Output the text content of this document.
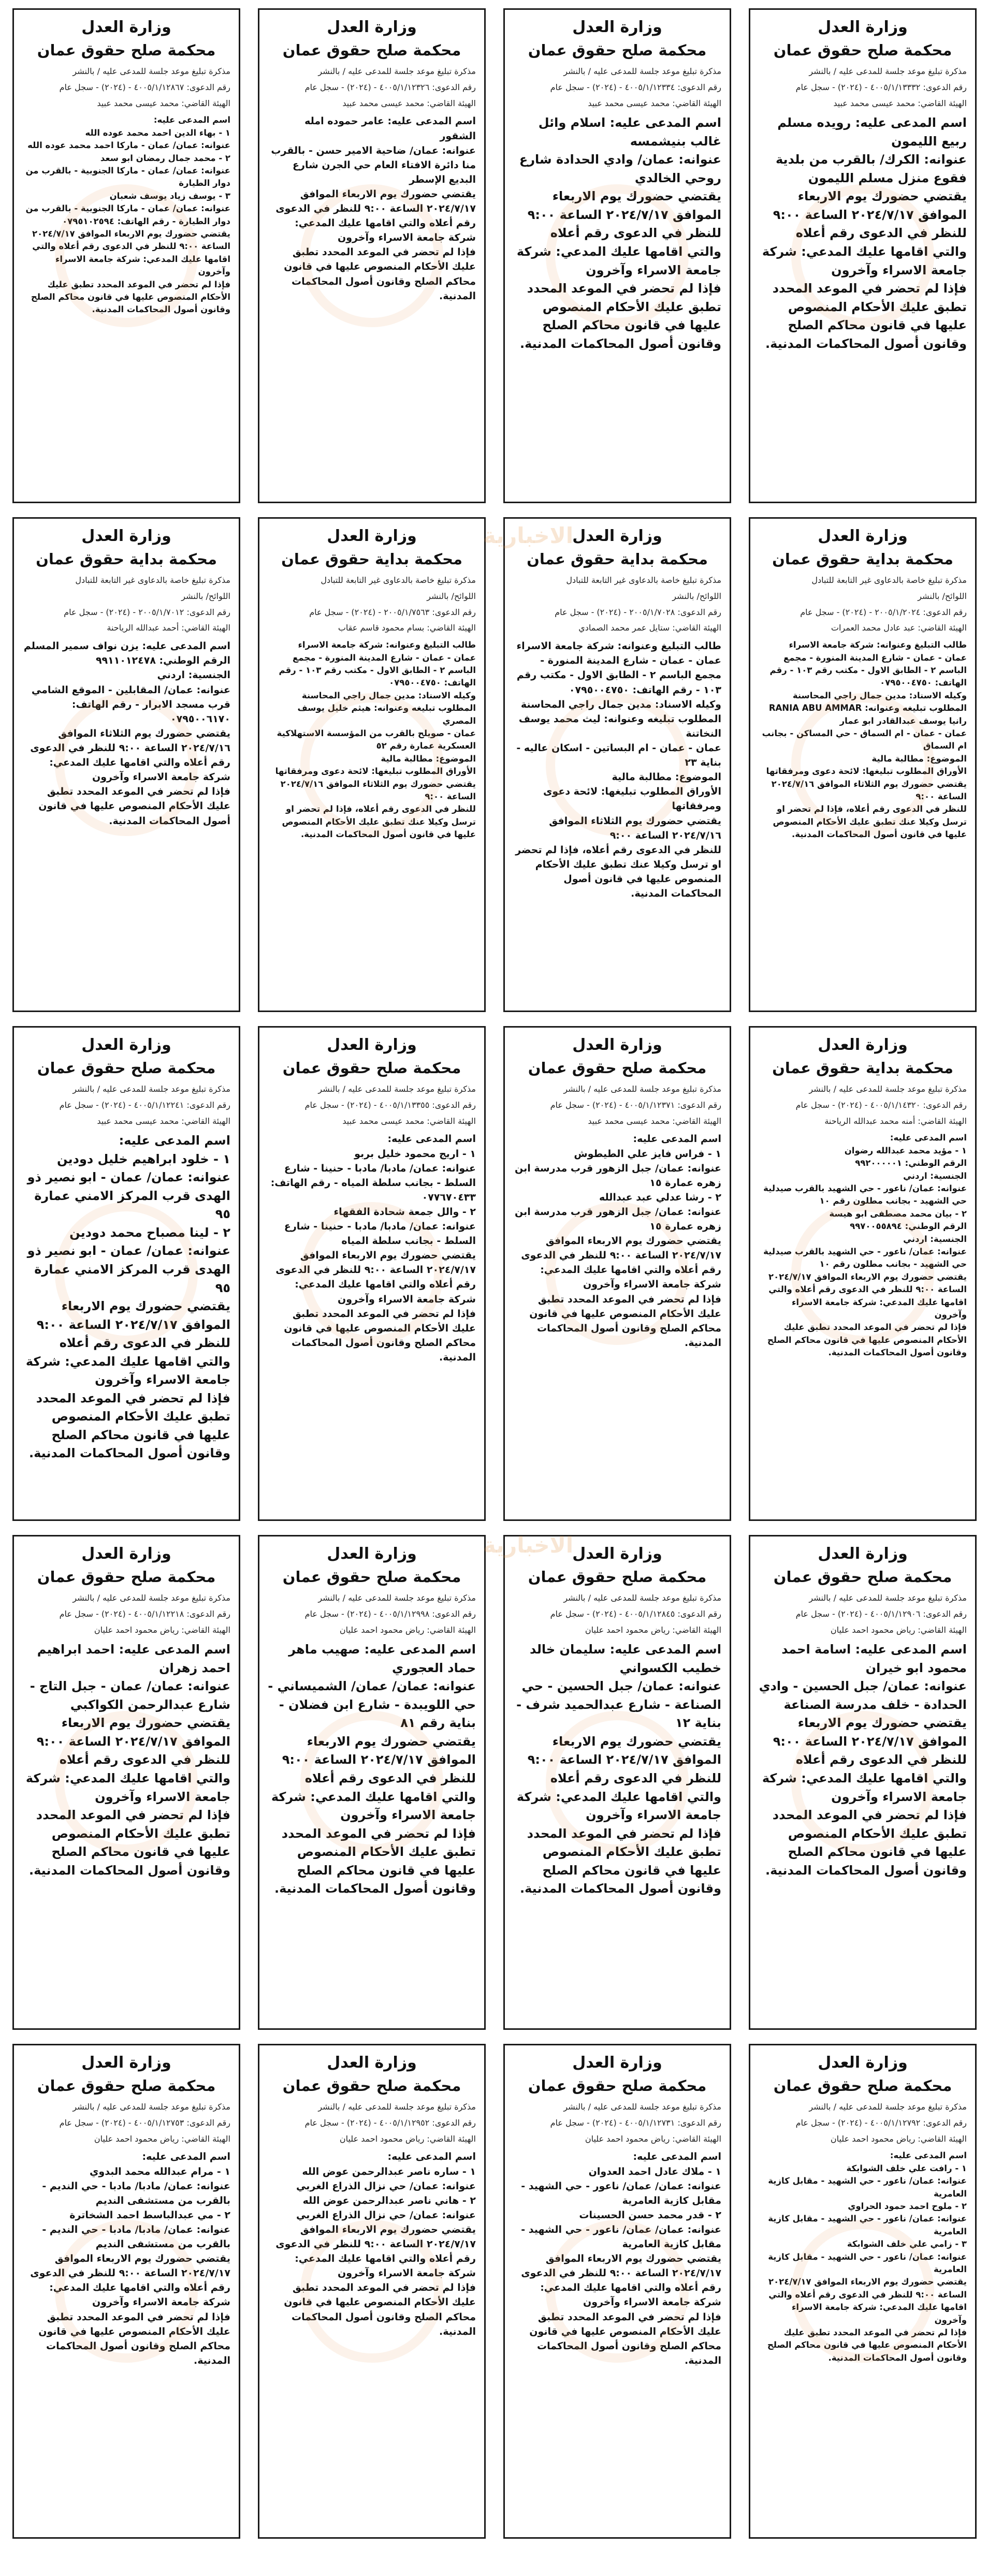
وزارة العدل
محكمة صلح حقوق عمان
مذكرة تبليغ موعد جلسة للمدعى عليه / بالنشر
رقم الدعوى: ٤٠٠٥/١/١٣٣٣٢ - (٢٠٢٤) - سجل عام
الهيئة القاضي: محمد عيسى محمد عبيد
اسم المدعى عليه: رويده مسلم ربيع الليمون
عنوانه: الكرك/ بالقرب من بلدية فقوع منزل مسلم الليمون
يقتضي حضورك يوم الاربعاء الموافق ٢٠٢٤/٧/١٧ الساعة ٩:٠٠ للنظر في الدعوى رقم أعلاه والتي اقامها عليك المدعي: شركة جامعة الاسراء وآخرون
فإذا لم تحضر في الموعد المحدد تطبق عليك الأحكام المنصوص عليها في قانون محاكم الصلح وقانون أصول المحاكمات المدنية.
وزارة العدل
محكمة صلح حقوق عمان
مذكرة تبليغ موعد جلسة للمدعى عليه / بالنشر
رقم الدعوى: ٤٠٠٥/١/١٢٣٣٤ - (٢٠٢٤) - سجل عام
الهيئة القاضي: محمد عيسى محمد عبيد
اسم المدعى عليه: اسلام وائل غالب بنيشمسه
عنوانه: عمان/ وادي الحدادة شارع روحي الخالدي
يقتضي حضورك يوم الاربعاء الموافق ٢٠٢٤/٧/١٧ الساعة ٩:٠٠ للنظر في الدعوى رقم أعلاه والتي اقامها عليك المدعي: شركة جامعة الاسراء وآخرون
فإذا لم تحضر في الموعد المحدد تطبق عليك الأحكام المنصوص عليها في قانون محاكم الصلح وقانون أصول المحاكمات المدنية.
وزارة العدل
محكمة صلح حقوق عمان
مذكرة تبليغ موعد جلسة للمدعى عليه / بالنشر
رقم الدعوى: ٤٠٠٥/١/١٢٣٢٦ - (٢٠٢٤) - سجل عام
الهيئة القاضي: محمد عيسى محمد عبيد
اسم المدعى عليه: عامر حموده امله الشقور
عنوانه: عمان/ ضاحية الامير حسن - بالقرب منا دائرة الافتاء العام حي الجرن شارع البديع الإسطر
يقتضي حضورك يوم الاربعاء الموافق ٢٠٢٤/٧/١٧ الساعة ٩:٠٠ للنظر في الدعوى رقم أعلاه والتي اقامها عليك المدعي: شركة جامعة الاسراء وآخرون
فإذا لم تحضر في الموعد المحدد تطبق عليك الأحكام المنصوص عليها في قانون محاكم الصلح وقانون أصول المحاكمات المدنية.
وزارة العدل
محكمة صلح حقوق عمان
مذكرة تبليغ موعد جلسة للمدعى عليه / بالنشر
رقم الدعوى: ٤٠٠٥/١/١٢٨٦٧ - (٢٠٢٤) - سجل عام
الهيئة القاضي: محمد عيسى محمد عبيد
اسم المدعى عليه:
١ - بهاء الدين احمد محمد عوده الله
عنوانه: عمان/ عمان - ماركا احمد محمد عوده الله
٢ - محمد جمال رمضان ابو سعد
عنوانه: عمان/ عمان - ماركا الجنوبية - بالقرب من دوار الطيارة
٣ - يوسف زياد يوسف شعبان
عنوانه: عمان/ عمان - ماركا الجنوبية - بالقرب من دوار الطيارة - رقم الهاتف: ٠٧٩٥١٠٢٥٩٤
يقتضي حضورك يوم الاربعاء الموافق ٢٠٢٤/٧/١٧ الساعة ٩:٠٠ للنظر في الدعوى رقم أعلاه والتي اقامها عليك المدعي: شركة جامعة الاسراء وآخرون
فإذا لم تحضر في الموعد المحدد تطبق عليك الأحكام المنصوص عليها في قانون محاكم الصلح وقانون أصول المحاكمات المدنية.
وزارة العدل
محكمة بداية حقوق عمان
مذكرة تبليغ خاصة بالدعاوى غير التابعة للتبادل
اللوائح/ بالنشر
رقم الدعوى: ٢٠٠٥/١/٢٠٢٤ - (٢٠٢٤) - سجل عام
الهيئة القاضي: عبد عادل محمد العمرات
طالب التبليغ وعنوانه: شركة جامعة الاسراء
عمان - عمان - شارع المدينة المنورة - مجمع الباسم ٢ - الطابق الاول - مكتب رقم ١٠٣ - رقم الهاتف: ٠٧٩٥٠٠٤٧٥٠
وكيله الاسناد: مدين جمال راجي المحاسنة
المطلوب تبليغه وعنوانه: RANIA ABU AMMAR
رانيا يوسف عبدالقادر ابو عمار
عمان - عمان - ام السماق - حي المساكن - بجانب ام السماق
الموضوع: مطالبة مالية
الأوراق المطلوب تبليغها: لائحة دعوى ومرفقاتها
يقتضي حضورك يوم الثلاثاء الموافق ٢٠٢٤/٧/١٦ الساعة ٩:٠٠
للنظر في الدعوى رقم أعلاه، فإذا لم تحضر او ترسل وكيلا عنك تطبق عليك الأحكام المنصوص عليها في قانون أصول المحاكمات المدنية.
وزارة العدل
محكمة بداية حقوق عمان
مذكرة تبليغ خاصة بالدعاوى غير التابعة للتبادل
اللوائح/ بالنشر
رقم الدعوى: ٢٠٠٥/١/٧٠٢٨ - (٢٠٢٤) - سجل عام
الهيئة القاضي: ستايل عمر محمد الصمادي
طالب التبليغ وعنوانه: شركة جامعة الاسراء
عمان - عمان - شارع المدينة المنورة - مجمع الباسم ٢ - الطابق الاول - مكتب رقم ١٠٣ - رقم الهاتف: ٠٧٩٥٠٠٤٧٥٠
وكيله الاسناد: مدين جمال راجي المحاسنة
المطلوب تبليغه وعنوانه: ليث محمد يوسف النخاتنة
عمان - عمان - ام البساتين - اسكان عاليه - بناية ٢٣
الموضوع: مطالبة مالية
الأوراق المطلوب تبليغها: لائحة دعوى ومرفقاتها
يقتضي حضورك يوم الثلاثاء الموافق ٢٠٢٤/٧/١٦ الساعة ٩:٠٠
للنظر في الدعوى رقم أعلاه، فإذا لم تحضر او ترسل وكيلا عنك تطبق عليك الأحكام المنصوص عليها في قانون أصول المحاكمات المدنية.
وزارة العدل
محكمة بداية حقوق عمان
مذكرة تبليغ خاصة بالدعاوى غير التابعة للتبادل
اللوائح/ بالنشر
رقم الدعوى: ٢٠٠٥/١/٧٥٦٣ - (٢٠٢٤) - سجل عام
الهيئة القاضي: بسام محمود قاسم عقاب
طالب التبليغ وعنوانه: شركة جامعة الاسراء
عمان - عمان - شارع المدينة المنورة - مجمع الباسم ٢ - الطابق الاول - مكتب رقم ١٠٣ - رقم الهاتف: ٠٧٩٥٠٠٤٧٥٠
وكيله الاسناد: مدين جمال راجي المحاسنة
المطلوب تبليغه وعنوانه: هيثم خليل يوسف المصري
عمان - صويلح بالقرب من المؤسسة الاستهلاكية العسكرية عمارة رقم ٥٢
الموضوع: مطالبة مالية
الأوراق المطلوب تبليغها: لائحة دعوى ومرفقاتها
يقتضي حضورك يوم الثلاثاء الموافق ٢٠٢٤/٧/١٦ الساعة ٩:٠٠
للنظر في الدعوى رقم أعلاه، فإذا لم تحضر او ترسل وكيلا عنك تطبق عليك الأحكام المنصوص عليها في قانون أصول المحاكمات المدنية.
وزارة العدل
محكمة بداية حقوق عمان
مذكرة تبليغ خاصة بالدعاوى غير التابعة للتبادل
اللوائح/ بالنشر
رقم الدعوى: ٢٠٠٥/١/٧٠١٢ - (٢٠٢٤) - سجل عام
الهيئة القاضي: أحمد عبدالله الرياحنة
اسم المدعى عليه: يزن نواف سمير المسلم
الرقم الوطني: ٩٩١١٠١٢٤٧٨
الجنسية: اردني
عنوانه: عمان/ المقابلين - الموقع الشامي قرب مسجد الابرار - رقم الهاتف: ٠٧٩٥٠٠٦١٧٠
يقتضي حضورك يوم الثلاثاء الموافق ٢٠٢٤/٧/١٦ الساعة ٩:٠٠ للنظر في الدعوى رقم أعلاه والتي اقامها عليك المدعي: شركة جامعة الاسراء وآخرون
فإذا لم تحضر في الموعد المحدد تطبق عليك الأحكام المنصوص عليها في قانون أصول المحاكمات المدنية.
وزارة العدل
محكمة بداية حقوق عمان
مذكرة تبليغ موعد جلسة للمدعى عليه / بالنشر
رقم الدعوى: ٤٠٠٥/١/١٤٣٢٠ - (٢٠٢٤) - سجل عام
الهيئة القاضي: أمنه محمد عبدالله الرياحنة
اسم المدعى عليه:
١ - مؤيد محمد عبدالله رضوان
الرقم الوطني: ٩٩٢٠٠٠٠٠١
الجنسية: اردني
عنوانه: عمان/ ناعور - حي الشهيد بالقرب صيدلية حي الشهيد - بجانب مطلون رقم ١٠
٢ - بيان محمد مصطفى ابو هيسة
الرقم الوطني: ٩٩٧٠٠٥٥٨٩٤
الجنسية: اردني
عنوانه: عمان/ ناعور - حي الشهيد بالقرب صيدلية حي الشهيد - بجانب مطلون رقم ١٠
يقتضي حضورك يوم الاربعاء الموافق ٢٠٢٤/٧/١٧ الساعة ٩:٠٠ للنظر في الدعوى رقم أعلاه والتي اقامها عليك المدعي: شركة جامعة الاسراء وآخرون
فإذا لم تحضر في الموعد المحدد تطبق عليك الأحكام المنصوص عليها في قانون محاكم الصلح وقانون أصول المحاكمات المدنية.
وزارة العدل
محكمة صلح حقوق عمان
مذكرة تبليغ موعد جلسة للمدعى عليه / بالنشر
رقم الدعوى: ٤٠٠٥/١/١٢٣٧١ - (٢٠٢٤) - سجل عام
الهيئة القاضي: محمد عيسى محمد عبيد
اسم المدعى عليه:
١ - فراس فايز علي الطيطوش
عنوانه: عمان/ جبل الزهور قرب مدرسة ابن زهره عمارة ١٥
٢ - رشا عدلي عبد عبدالله
عنوانه: عمان/ جبل الزهور قرب مدرسة ابن زهره عمارة ١٥
يقتضي حضورك يوم الاربعاء الموافق ٢٠٢٤/٧/١٧ الساعة ٩:٠٠ للنظر في الدعوى رقم أعلاه والتي اقامها عليك المدعي: شركة جامعة الاسراء وآخرون
فإذا لم تحضر في الموعد المحدد تطبق عليك الأحكام المنصوص عليها في قانون محاكم الصلح وقانون أصول المحاكمات المدنية.
وزارة العدل
محكمة صلح حقوق عمان
مذكرة تبليغ موعد جلسة للمدعى عليه / بالنشر
رقم الدعوى: ٤٠٠٥/١/١٣٣٥٥ - (٢٠٢٤) - سجل عام
الهيئة القاضي: محمد عيسى محمد عبيد
اسم المدعى عليه:
١ - اريج محمود خليل بربو
عنوانه: عمان/ مادبا/ مادبا - حنينا - شارع السلط - بجانب سلطة المياه - رقم الهاتف: ٠٧٧٦٧٠٤٣٣
٢ - والل جمعة شحادة الفقهاء
عنوانه: عمان/ مادبا/ مادبا - حنينا - شارع السلط - بجانب سلطة المياه
يقتضي حضورك يوم الاربعاء الموافق ٢٠٢٤/٧/١٧ الساعة ٩:٠٠ للنظر في الدعوى رقم أعلاه والتي اقامها عليك المدعي: شركة جامعة الاسراء وآخرون
فإذا لم تحضر في الموعد المحدد تطبق عليك الأحكام المنصوص عليها في قانون محاكم الصلح وقانون أصول المحاكمات المدنية.
وزارة العدل
محكمة صلح حقوق عمان
مذكرة تبليغ موعد جلسة للمدعى عليه / بالنشر
رقم الدعوى: ٤٠٠٥/١/١٢٢٤١ - (٢٠٢٤) - سجل عام
الهيئة القاضي: محمد عيسى محمد عبيد
اسم المدعى عليه:
١ - خلود ابراهيم خليل دودين
عنوانه: عمان/ عمان - ابو نصير ذو الهدى قرب المركز الامني عمارة ٩٥
٢ - لينا مصباح محمد دودين
عنوانه: عمان/ عمان - ابو نصير ذو الهدى قرب المركز الامني عمارة ٩٥
يقتضي حضورك يوم الاربعاء الموافق ٢٠٢٤/٧/١٧ الساعة ٩:٠٠ للنظر في الدعوى رقم أعلاه والتي اقامها عليك المدعي: شركة جامعة الاسراء وآخرون
فإذا لم تحضر في الموعد المحدد تطبق عليك الأحكام المنصوص عليها في قانون محاكم الصلح وقانون أصول المحاكمات المدنية.
وزارة العدل
محكمة صلح حقوق عمان
مذكرة تبليغ موعد جلسة للمدعى عليه / بالنشر
رقم الدعوى: ٤٠٠٥/١/١٢٩٠٦ - (٢٠٢٤) - سجل عام
الهيئة القاضي: رياض محمود احمد عليان
اسم المدعى عليه: اسامة احمد محمود ابو خيران
عنوانه: عمان/ جبل الحسين - وادي الحدادة - خلف مدرسة الصناعة
يقتضي حضورك يوم الاربعاء الموافق ٢٠٢٤/٧/١٧ الساعة ٩:٠٠ للنظر في الدعوى رقم أعلاه والتي اقامها عليك المدعي: شركة جامعة الاسراء وآخرون
فإذا لم تحضر في الموعد المحدد تطبق عليك الأحكام المنصوص عليها في قانون محاكم الصلح وقانون أصول المحاكمات المدنية.
وزارة العدل
محكمة صلح حقوق عمان
مذكرة تبليغ موعد جلسة للمدعى عليه / بالنشر
رقم الدعوى: ٤٠٠٥/١/١٢٨٤٥ - (٢٠٢٤) - سجل عام
الهيئة القاضي: رياض محمود احمد عليان
اسم المدعى عليه: سليمان خالد خطيب الكسواني
عنوانه: عمان/ جبل الحسين - حي الصناعة - شارع عبدالحميد شرف - بناية ١٢
يقتضي حضورك يوم الاربعاء الموافق ٢٠٢٤/٧/١٧ الساعة ٩:٠٠ للنظر في الدعوى رقم أعلاه والتي اقامها عليك المدعي: شركة جامعة الاسراء وآخرون
فإذا لم تحضر في الموعد المحدد تطبق عليك الأحكام المنصوص عليها في قانون محاكم الصلح وقانون أصول المحاكمات المدنية.
وزارة العدل
محكمة صلح حقوق عمان
مذكرة تبليغ موعد جلسة للمدعى عليه / بالنشر
رقم الدعوى: ٤٠٠٥/١/١٢٩٩٨ - (٢٠٢٤) - سجل عام
الهيئة القاضي: رياض محمود احمد عليان
اسم المدعى عليه: صهيب ماهر حماد العجوري
عنوانه: عمان/ عمان/ الشميساني - حي اللويبدة - شارع ابن فضلان - بناية رقم ٨١
يقتضي حضورك يوم الاربعاء الموافق ٢٠٢٤/٧/١٧ الساعة ٩:٠٠ للنظر في الدعوى رقم أعلاه والتي اقامها عليك المدعي: شركة جامعة الاسراء وآخرون
فإذا لم تحضر في الموعد المحدد تطبق عليك الأحكام المنصوص عليها في قانون محاكم الصلح وقانون أصول المحاكمات المدنية.
وزارة العدل
محكمة صلح حقوق عمان
مذكرة تبليغ موعد جلسة للمدعى عليه / بالنشر
رقم الدعوى: ٤٠٠٥/١/١٢٢١٨ - (٢٠٢٤) - سجل عام
الهيئة القاضي: رياض محمود احمد عليان
اسم المدعى عليه: احمد ابراهيم احمد زهران
عنوانه: عمان/ عمان - جبل التاج - شارع عبدالرحمن الكواكبي
يقتضي حضورك يوم الاربعاء الموافق ٢٠٢٤/٧/١٧ الساعة ٩:٠٠ للنظر في الدعوى رقم أعلاه والتي اقامها عليك المدعي: شركة جامعة الاسراء وآخرون
فإذا لم تحضر في الموعد المحدد تطبق عليك الأحكام المنصوص عليها في قانون محاكم الصلح وقانون أصول المحاكمات المدنية.
وزارة العدل
محكمة صلح حقوق عمان
مذكرة تبليغ موعد جلسة للمدعى عليه / بالنشر
رقم الدعوى: ٤٠٠٥/١/١٢٧٩٢ - (٢٠٢٤) - سجل عام
الهيئة القاضي: رياض محمود احمد عليان
اسم المدعى عليه:
١ - رافت علي خلف الشوابكة
عنوانه: عمان/ ناعور - حي الشهيد - مقابل كازية العامرية
٢ - ملوح احمد حمود الحراوي
عنوانه: عمان/ ناعور - حي الشهيد - مقابل كازية العامرية
٣ - زامي علي خلف الشوابكة
عنوانه: عمان/ ناعور - حي الشهيد - مقابل كازية العامرية
يقتضي حضورك يوم الاربعاء الموافق ٢٠٢٤/٧/١٧ الساعة ٩:٠٠ للنظر في الدعوى رقم أعلاه والتي اقامها عليك المدعي: شركة جامعة الاسراء وآخرون
فإذا لم تحضر في الموعد المحدد تطبق عليك الأحكام المنصوص عليها في قانون محاكم الصلح وقانون أصول المحاكمات المدنية.
وزارة العدل
محكمة صلح حقوق عمان
مذكرة تبليغ موعد جلسة للمدعى عليه / بالنشر
رقم الدعوى: ٤٠٠٥/١/١٢٧٣١ - (٢٠٢٤) - سجل عام
الهيئة القاضي: رياض محمود احمد عليان
اسم المدعى عليه:
١ - ملاك عادل احمد العدوان
عنوانه: عمان/ عمان/ ناعور - حي الشهيد - مقابل كازية العامرية
٢ - قدر محمد حسن الحسينات
عنوانه: عمان/ عمان/ ناعور - حي الشهيد - مقابل كازية العامرية
يقتضي حضورك يوم الاربعاء الموافق ٢٠٢٤/٧/١٧ الساعة ٩:٠٠ للنظر في الدعوى رقم أعلاه والتي اقامها عليك المدعي: شركة جامعة الاسراء وآخرون
فإذا لم تحضر في الموعد المحدد تطبق عليك الأحكام المنصوص عليها في قانون محاكم الصلح وقانون أصول المحاكمات المدنية.
وزارة العدل
محكمة صلح حقوق عمان
مذكرة تبليغ موعد جلسة للمدعى عليه / بالنشر
رقم الدعوى: ٤٠٠٥/١/١٢٩٥٢ - (٢٠٢٤) - سجل عام
الهيئة القاضي: رياض محمود احمد عليان
اسم المدعى عليه:
١ - ساره ناصر عبدالرحمن عوض الله
عنوانه: عمان/ حي نزال الذراع الغربي
٢ - هاني ناصر عبدالرحمن عوض الله
عنوانه: عمان/ حي نزال الذراع الغربي
يقتضي حضورك يوم الاربعاء الموافق ٢٠٢٤/٧/١٧ الساعة ٩:٠٠ للنظر في الدعوى رقم أعلاه والتي اقامها عليك المدعي: شركة جامعة الاسراء وآخرون
فإذا لم تحضر في الموعد المحدد تطبق عليك الأحكام المنصوص عليها في قانون محاكم الصلح وقانون أصول المحاكمات المدنية.
وزارة العدل
محكمة صلح حقوق عمان
مذكرة تبليغ موعد جلسة للمدعى عليه / بالنشر
رقم الدعوى: ٤٠٠٥/١/١٢٧٥٣ - (٢٠٢٤) - سجل عام
الهيئة القاضي: رياض محمود احمد عليان
اسم المدعى عليه:
١ - مرام عبدالله محمد البدوي
عنوانه: عمان/ مادبا/ مادبا - حي النديم - بالقرب من مستشفى النديم
٢ - مي عبدالباسط احمد الشخاترة
عنوانه: عمان/ مادبا/ مادبا - حي النديم - بالقرب من مستشفى النديم
يقتضي حضورك يوم الاربعاء الموافق ٢٠٢٤/٧/١٧ الساعة ٩:٠٠ للنظر في الدعوى رقم أعلاه والتي اقامها عليك المدعي: شركة جامعة الاسراء وآخرون
فإذا لم تحضر في الموعد المحدد تطبق عليك الأحكام المنصوص عليها في قانون محاكم الصلح وقانون أصول المحاكمات المدنية.
الاخبارية
الاخبارية
